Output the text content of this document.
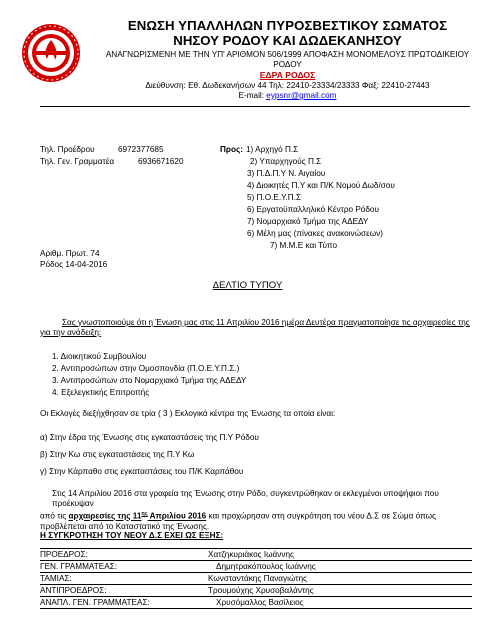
ΕΝΩΣΗ ΥΠΑΛΛΗΛΩΝ ΠΥΡΟΣΒΕΣΤΙΚΟΥ ΣΩΜΑΤΟΣ
ΝΗΣΟΥ ΡΟΔΟΥ ΚΑΙ ΔΩΔΕΚΑΝΗΣΟΥ
ΑΝΑΓΝΩΡΙΣΜΕΝΗ ΜΕ ΤΗΝ ΥΠ' ΑΡΙΘΜΟΝ 506/1999 ΑΠΟΦΑΣΗ ΜΟΝΟΜΕΛΟΥΣ ΠΡΩΤΟΔΙΚΕΙΟΥ
ΡΟΔΟΥ
ΕΔΡΑ ΡΟΔΟΣ
Διεύθυνση: Εθ. Δωδεκανήσων 44 Τηλ: 22410-23334/23333 Φαξ: 22410-27443
E-mail: eypsnr@gmail.com
Τηλ. Προέδρου	6972377685
Τηλ. Γεν. Γραμματέα	6936671620
Προς: 1) Αρχηγό Π.Σ
2) Υπαρχηγούς Π.Σ
3) Π.Δ.Π.Υ Ν. Αιγαίου
4) Διοικητές Π.Υ και Π/Κ Νομού Δωδ/σου
5) Π.Ο.Ε.Υ.Π.Σ
6) Εργατοϋπαλληλικό Κέντρο Ρόδου
7) Νομαρχιακό Τμήμα της ΑΔΕΔΥ
6) Μέλη μας (πίνακες ανακοινώσεων)
7) Μ.Μ.Ε και Τύπο
Αριθμ. Πρωτ. 74
Ρόδος 14-04-2016
ΔΕΛΤΙΟ ΤΥΠΟΥ
Σας γνωστοποιούμε ότι η Ένωση μας στις 11 Απριλίου 2016 ημέρα Δευτέρα πραγματοποίησε τις αρχαιρεσίες της
για την ανάδειξη:
1. Διοικητικού Συμβουλίου
2. Αντιπροσώπων στην Ομοσπονδία (Π.Ο.Ε.Υ.Π.Σ.)
3. Αντιπροσώπων στο Νομαρχιακό Τμήμα της ΑΔΕΔΥ
4. Εξελεγκτικής Επιτροπής
Οι Εκλογές διεξήχθησαν σε τρία ( 3 ) Εκλογικά κέντρα της Ένωσης τα οποία είναι:
α) Στην έδρα της Ένωσης στις εγκαταστάσεις της Π.Υ Ρόδου
β) Στην Κω στις εγκαταστάσεις της Π.Υ Κω
γ) Στην Κάρπαθο στις εγκαταστάσεις του Π/Κ Καρπάθου
Στις 14 Απριλίου 2016 στα γραφεία της Ένωσης στην Ρόδο, συγκεντρώθηκαν οι εκλεγμένοι υποψήφιοι που προέκυψαν
από τις αρχαιρεσίες της $11^{\eta\varsigma}$ Απριλίου 2016 και προχώρησαν στη συγκρότηση του νέου Δ.Σ σε Σώμα όπως
προβλέπεται από το Καταστατικό της Ένωσης.
Η ΣΥΓΚΡΟΤΗΣΗ ΤΟΥ ΝΕΟΥ Δ.Σ ΕΧΕΙ ΩΣ ΕΞΗΣ:
ΠΡΟΕΔΡΟΣ:	Χατζηκυριάκος Ιωάννης
ΓΕΝ. ΓΡΑΜΜΑΤΕΑΣ:	Δημητρακόπουλος Ιωάννης
ΤΑΜΙΑΣ:	Κωνσταντάκης Παναγιώτης
ΑΝΤΙΠΡΟΕΔΡΟΣ:	Τρουμούχης Χρυσοβαλάντης
ΑΝΑΠΛ. ΓΕΝ. ΓΡΑΜΜΑΤΕΑΣ:	Χρυσόμαλλος Βασίλειος
